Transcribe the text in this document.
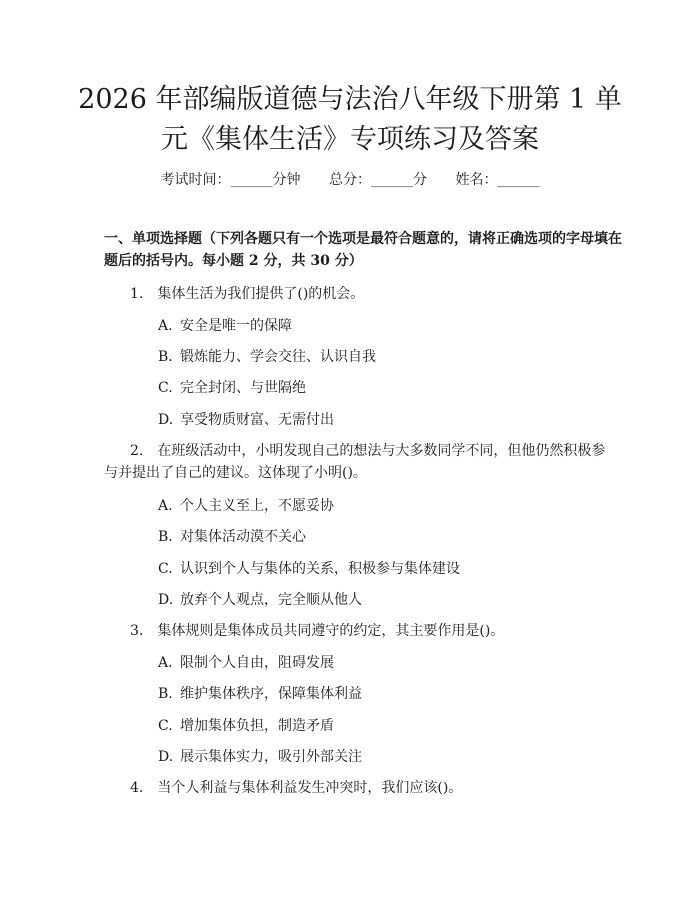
2026 年部编版道德与法治八年级下册第 1 单
元《集体生活》专项练习及答案
考试时间：______分钟 总分：______分 姓名：______
一、单项选择题（下列各题只有一个选项是最符合题意的，请将正确选项的字母填在题后的括号内。每小题 2 分，共 30 分）
1. 集体生活为我们提供了()的机会。
A. 安全是唯一的保障
B. 锻炼能力、学会交往、认识自我
C. 完全封闭、与世隔绝
D. 享受物质财富、无需付出
2. 在班级活动中，小明发现自己的想法与大多数同学不同，但他仍然积极参与并提出了自己的建议。这体现了小明()。
A. 个人主义至上，不愿妥协
B. 对集体活动漠不关心
C. 认识到个人与集体的关系，积极参与集体建设
D. 放弃个人观点，完全顺从他人
3. 集体规则是集体成员共同遵守的约定，其主要作用是()。
A. 限制个人自由，阻碍发展
B. 维护集体秩序，保障集体利益
C. 增加集体负担，制造矛盾
D. 展示集体实力，吸引外部关注
4. 当个人利益与集体利益发生冲突时，我们应该()。
